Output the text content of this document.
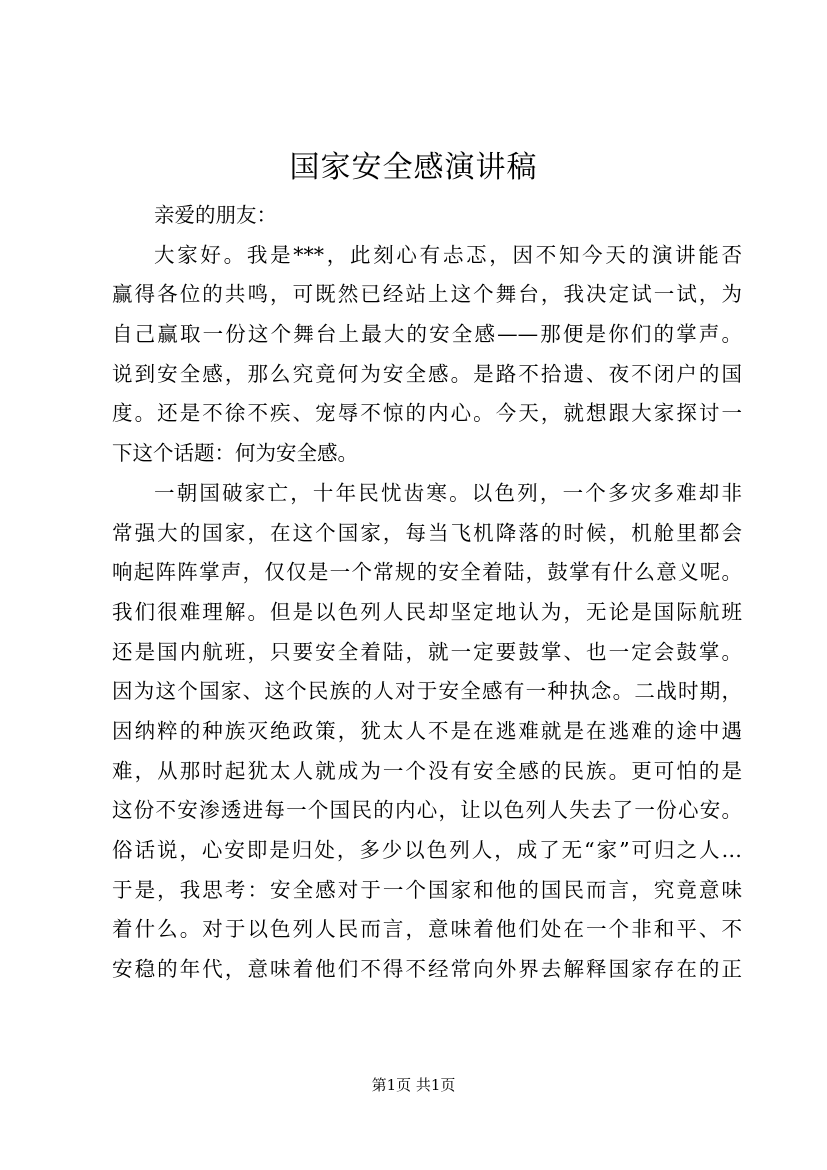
国家安全感演讲稿
亲爱的朋友：
大家好。我是***，此刻心有忐忑，因不知今天的演讲能否
赢得各位的共鸣，可既然已经站上这个舞台，我决定试一试，为
自己赢取一份这个舞台上最大的安全感——那便是你们的掌声。
说到安全感，那么究竟何为安全感。是路不拾遗、夜不闭户的国
度。还是不徐不疾、宠辱不惊的内心。今天，就想跟大家探讨一
下这个话题：何为安全感。
一朝国破家亡，十年民忧齿寒。以色列，一个多灾多难却非
常强大的国家，在这个国家，每当飞机降落的时候，机舱里都会
响起阵阵掌声，仅仅是一个常规的安全着陆，鼓掌有什么意义呢。
我们很难理解。但是以色列人民却坚定地认为，无论是国际航班
还是国内航班，只要安全着陆，就一定要鼓掌、也一定会鼓掌。
因为这个国家、这个民族的人对于安全感有一种执念。二战时期，
因纳粹的种族灭绝政策，犹太人不是在逃难就是在逃难的途中遇
难，从那时起犹太人就成为一个没有安全感的民族。更可怕的是
这份不安渗透进每一个国民的内心，让以色列人失去了一份心安。
俗话说，心安即是归处，多少以色列人，成了无“家”可归之人…
于是，我思考：安全感对于一个国家和他的国民而言，究竟意味
着什么。对于以色列人民而言，意味着他们处在一个非和平、不
安稳的年代，意味着他们不得不经常向外界去解释国家存在的正
第1页 共1页
